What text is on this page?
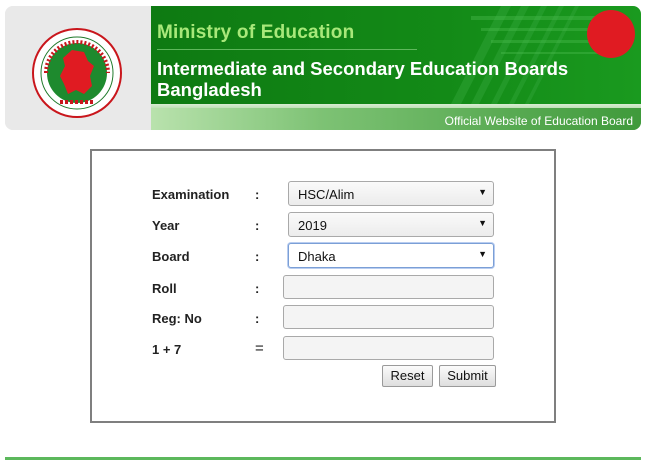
Ministry of Education
Intermediate and Secondary Education Boards Bangladesh
Official Website of Education Board
Examination :	HSC/Alim	▼
Year	:	2019	▼
Board	:	Dhaka	▼
Roll	:
Reg: No	:
1 + 7	=
Reset	Submit
